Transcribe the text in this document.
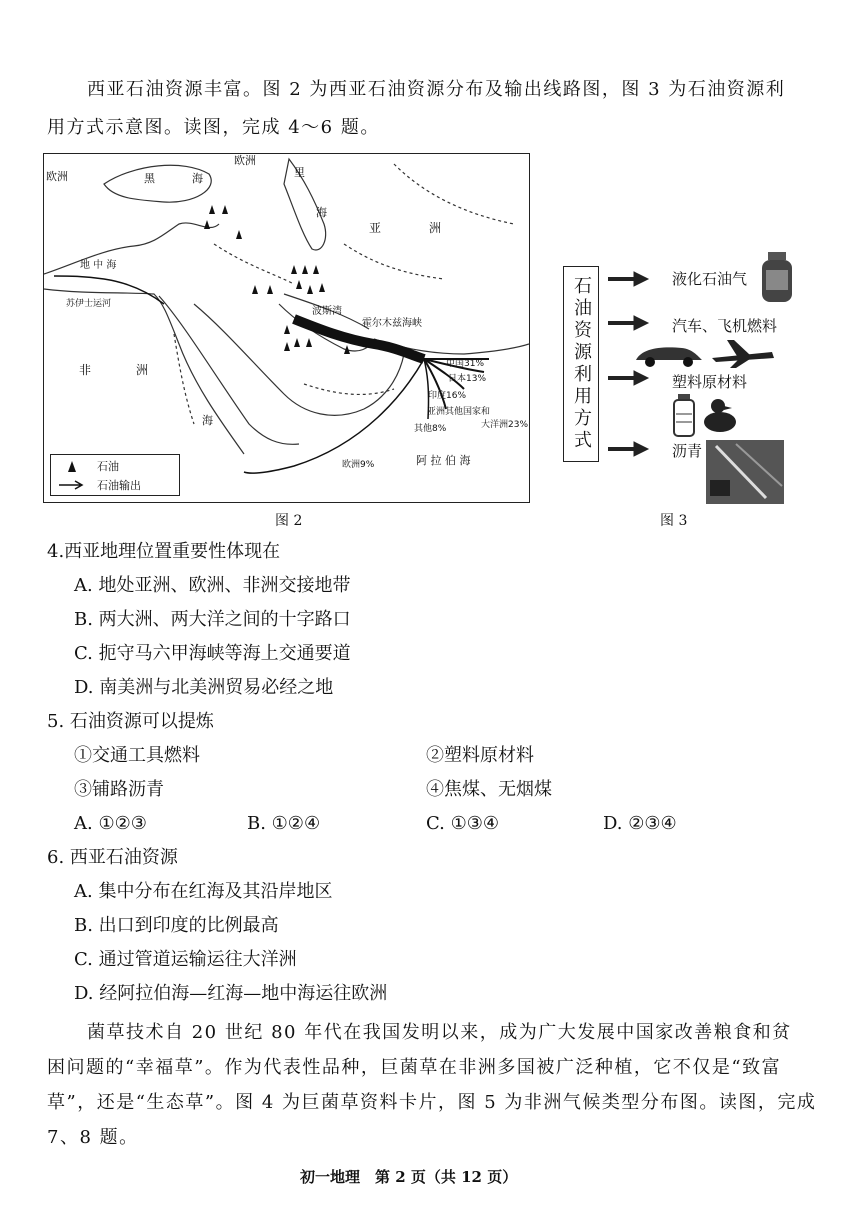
西亚石油资源丰富。图 2 为西亚石油资源分布及输出线路图，图 3 为石油资源利
用方式示意图。读图，完成 4～6 题。
欧洲
欧洲	黑	海	里
海
亚	洲
地 中 海
苏伊士运河
波斯湾
霍尔木兹海峡
非	洲
海
阿 拉 伯 海
中国31%
日本13%
印度16%
亚洲其他国家和
大洋洲23%
其他8%
欧洲9%
石油
石油输出
图 2
石油资源利用方式	液化石油气
汽车、飞机燃料
塑料原材料
沥青
图 3
4.西亚地理位置重要性体现在
A. 地处亚洲、欧洲、非洲交接地带
B. 两大洲、两大洋之间的十字路口
C. 扼守马六甲海峡等海上交通要道
D. 南美洲与北美洲贸易必经之地
5. 石油资源可以提炼
①交通工具燃料	②塑料原材料
③铺路沥青	④焦煤、无烟煤
A. ①②③	B. ①②④	C. ①③④	D. ②③④
6. 西亚石油资源
A. 集中分布在红海及其沿岸地区
B. 出口到印度的比例最高
C. 通过管道运输运往大洋洲
D. 经阿拉伯海—红海—地中海运往欧洲
菌草技术自 20 世纪 80 年代在我国发明以来，成为广大发展中国家改善粮食和贫
困问题的“幸福草”。作为代表性品种，巨菌草在非洲多国被广泛种植，它不仅是“致富
草”，还是“生态草”。图 4 为巨菌草资料卡片，图 5 为非洲气候类型分布图。读图，完成
7、8 题。
初一地理　第 2 页（共 12 页）
